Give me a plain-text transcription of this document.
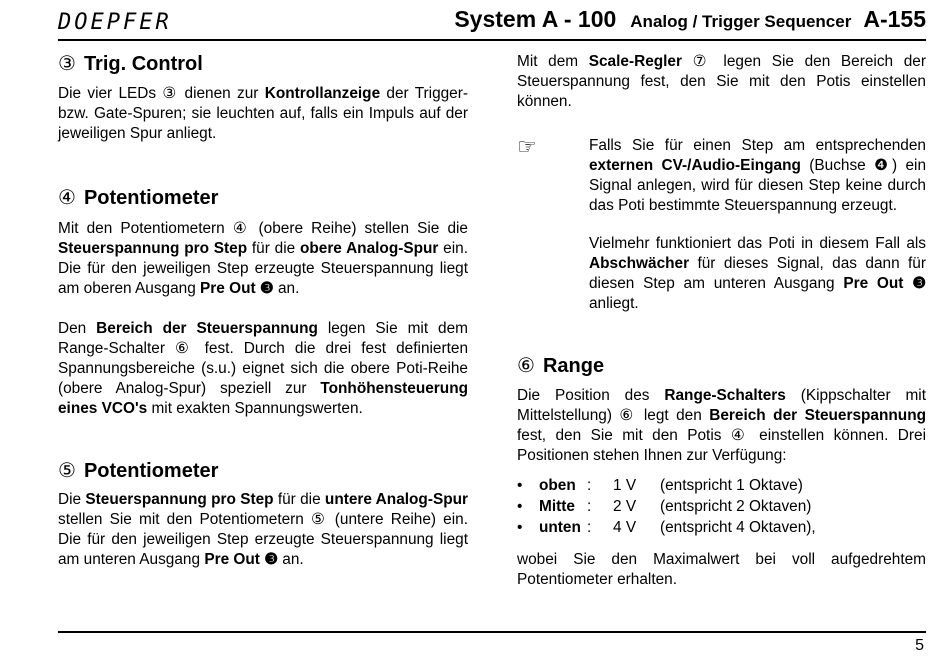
DOEPFER	System A - 100 Analog / Trigger Sequencer A-155
③ Trig. Control

Die vier LEDs ③ dienen zur Kontrollanzeige der Trigger- bzw. Gate-Spuren; sie leuchten auf, falls ein Impuls auf der jeweiligen Spur anliegt.

④ Potentiometer

Mit den Potentiometern ④ (obere Reihe) stellen Sie die Steuerspannung pro Step für die obere Analog-Spur ein. Die für den jeweiligen Step erzeugte Steuerspannung liegt am oberen Ausgang Pre Out ❸ an.

Den Bereich der Steuerspannung legen Sie mit dem Range-Schalter ⑥ fest. Durch die drei fest definierten Spannungsbereiche (s.u.) eignet sich die obere Poti-Reihe (obere Analog-Spur) speziell zur Tonhöhensteuerung eines VCO's mit exakten Spannungswerten.

⑤ Potentiometer

Die Steuerspannung pro Step für die untere Analog-Spur stellen Sie mit den Potentiometern ⑤ (untere Reihe) ein. Die für den jeweiligen Step erzeugte Steuerspannung liegt am unteren Ausgang Pre Out ❸ an.

Mit dem Scale-Regler ⑦ legen Sie den Bereich der Steuerspannung fest, den Sie mit den Potis einstellen können.

☞	Falls Sie für einen Step am entsprechenden externen CV-/Audio-Eingang (Buchse ❹) ein Signal anlegen, wird für diesen Step keine durch das Poti bestimmte Steuerspannung erzeugt.

Vielmehr funktioniert das Poti in diesem Fall als Abschwächer für dieses Signal, das dann für diesen Step am unteren Ausgang Pre Out ❸ anliegt.

⑥ Range

Die Position des Range-Schalters (Kippschalter mit Mittelstellung) ⑥ legt den Bereich der Steuerspannung fest, den Sie mit den Potis ④ einstellen können. Drei Positionen stehen Ihnen zur Verfügung:

• oben : 1 V (entspricht 1 Oktave)
• Mitte : 2 V (entspricht 2 Oktaven)
• unten : 4 V (entspricht 4 Oktaven),

wobei Sie den Maximalwert bei voll aufgedrehtem Potentiometer erhalten.

5
